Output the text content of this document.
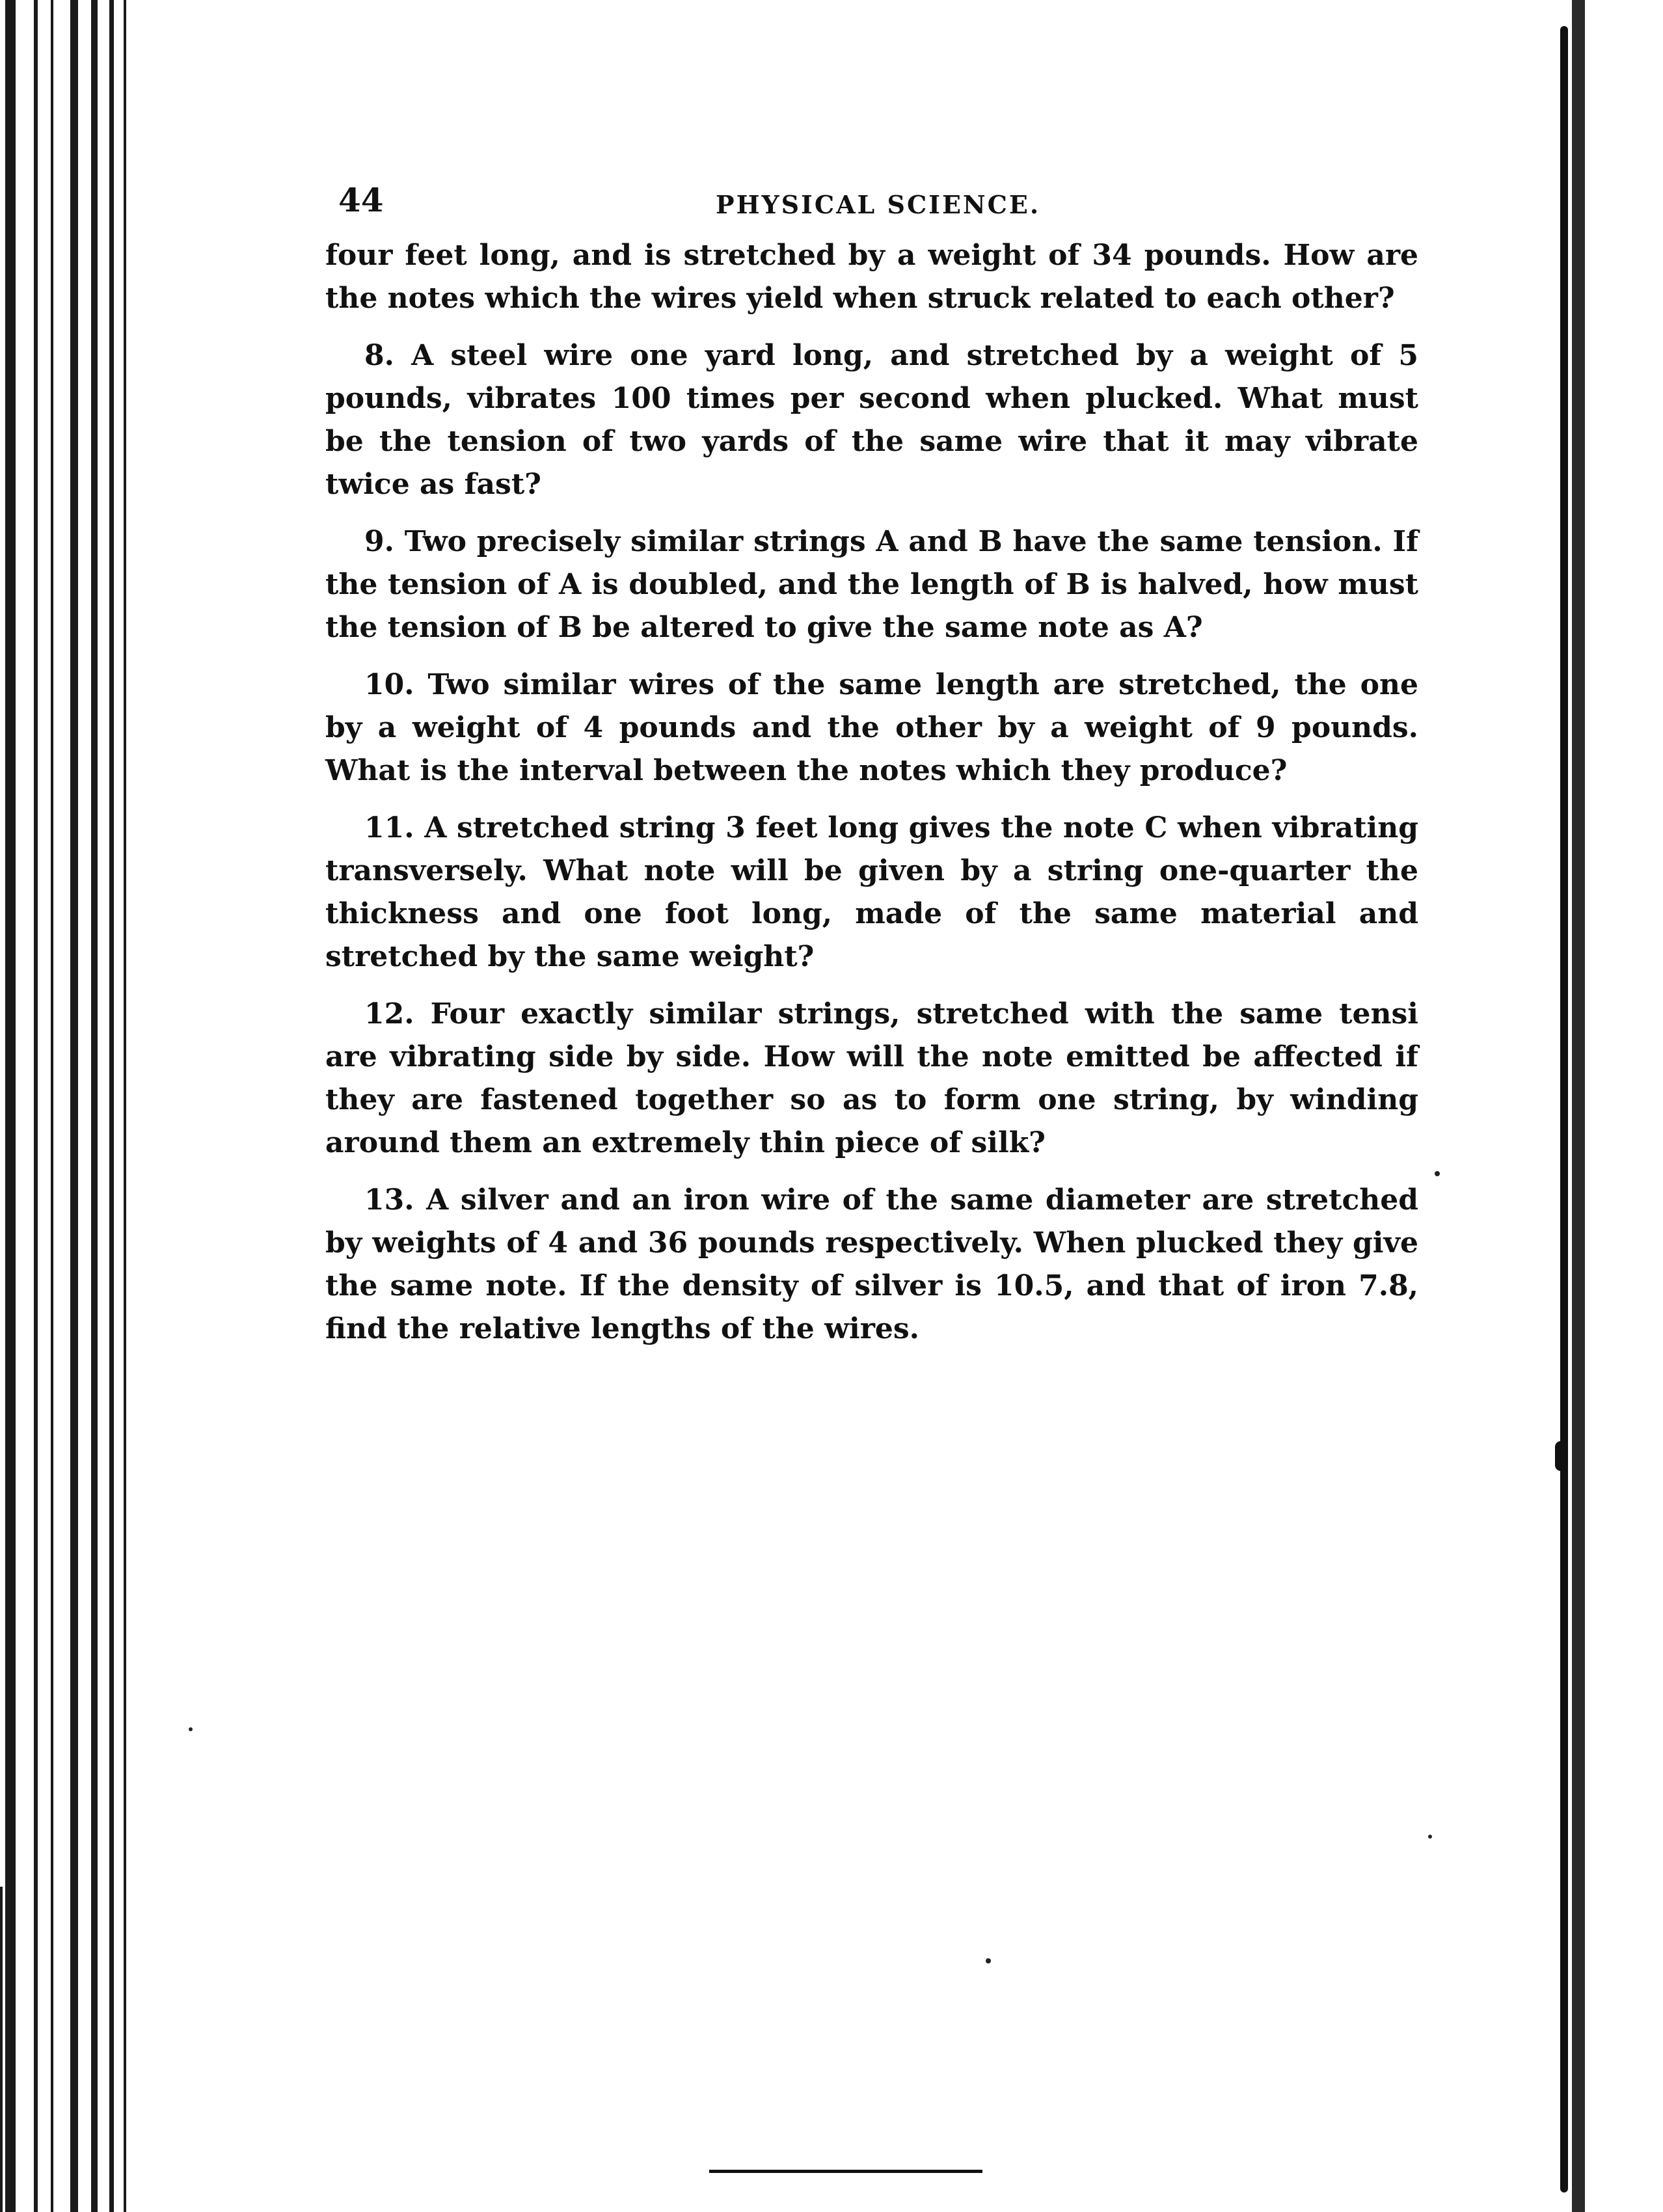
44	PHYSICAL SCIENCE.

four feet long, and is stretched by a weight of 34 pounds. How are the notes which the wires yield when struck related to each other?

8. A steel wire one yard long, and stretched by a weight of 5 pounds, vibrates 100 times per second when plucked. What must be the tension of two yards of the same wire that it may vibrate twice as fast?

9. Two precisely similar strings A and B have the same tension. If the tension of A is doubled, and the length of B is halved, how must the tension of B be altered to give the same note as A?

10. Two similar wires of the same length are stretched, the one by a weight of 4 pounds and the other by a weight of 9 pounds. What is the interval between the notes which they produce?

11. A stretched string 3 feet long gives the note C when vibrating transversely. What note will be given by a string one-quarter the thickness and one foot long, made of the same material and stretched by the same weight?

12. Four exactly similar strings, stretched with the same tensi are vibrating side by side. How will the note emitted be affected if they are fastened together so as to form one string, by winding around them an extremely thin piece of silk?

13. A silver and an iron wire of the same diameter are stretched by weights of 4 and 36 pounds respectively. When plucked they give the same note. If the density of silver is 10.5, and that of iron 7.8, find the relative lengths of the wires.
